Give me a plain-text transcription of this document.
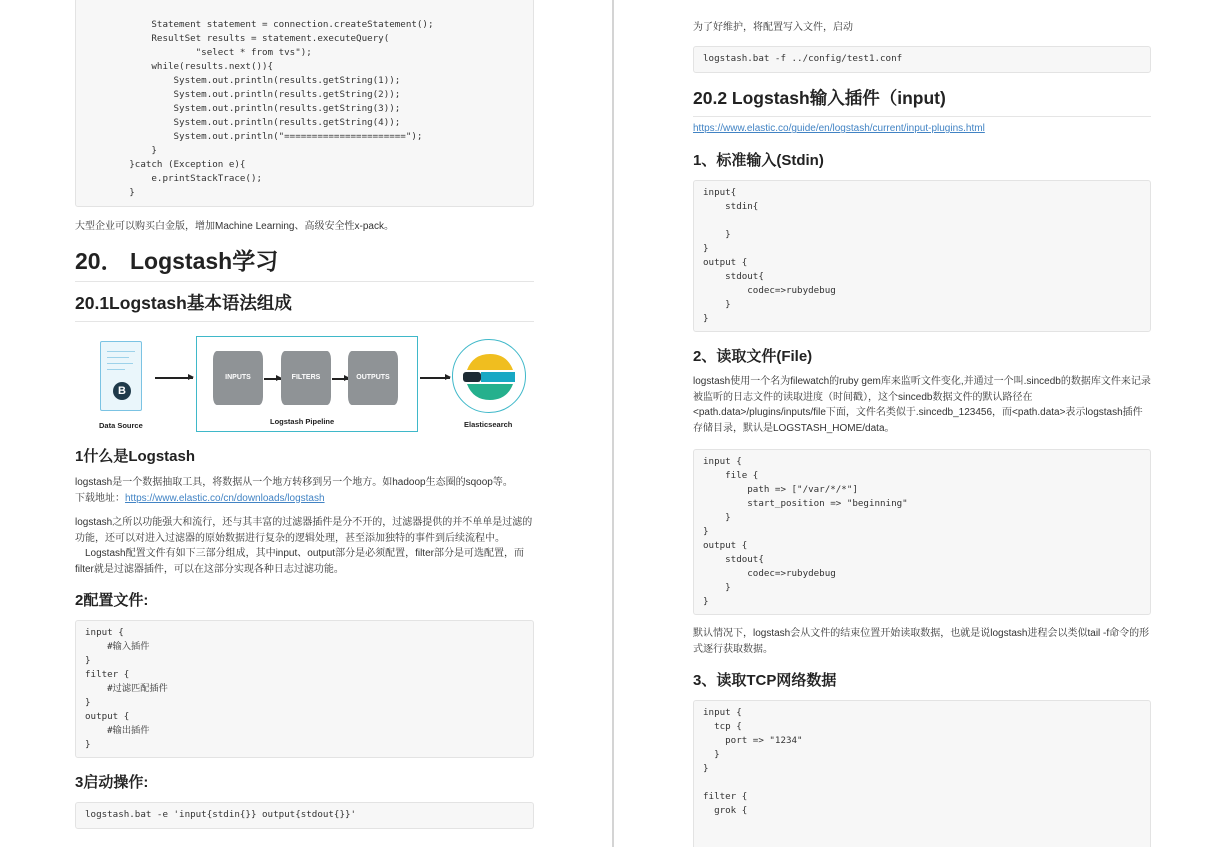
Statement statement = connection.createStatement();
ResultSet results = statement.executeQuery(
"select * from tvs");
while(results.next()){
System.out.println(results.getString(1));
System.out.println(results.getString(2));
System.out.println(results.getString(3));
System.out.println(results.getString(4));
System.out.println("======================");
}
}catch (Exception e){
e.printStackTrace();
}
大型企业可以购买白金版，增加Machine Learning、高级安全性x-pack。
20． Logstash学习
20.1Logstash基本语法组成
B
Data Source
INPUTS	FILTERS	OUTPUTS
Logstash Pipeline	Elasticsearch
1什么是Logstash
logstash是一个数据抽取工具，将数据从一个地方转移到另一个地方。如hadoop生态圈的sqoop等。
下载地址：https://www.elastic.co/cn/downloads/logstash
logstash之所以功能强大和流行，还与其丰富的过滤器插件是分不开的，过滤器提供的并不单单是过滤的功能，还可以对进入过滤器的原始数据进行复杂的逻辑处理，甚至添加独特的事件到后续流程中。
　Logstash配置文件有如下三部分组成，其中input、output部分是必须配置，filter部分是可选配置，而filter就是过滤器插件，可以在这部分实现各种日志过滤功能。
2配置文件:
input {
#输入插件
}
filter {
#过滤匹配插件
}
output {
#输出插件
}
3启动操作:
logstash.bat -e 'input{stdin{}} output{stdout{}}'
为了好维护，将配置写入文件，启动
logstash.bat -f ../config/test1.conf
20.2 Logstash输入插件（input)
https://www.elastic.co/guide/en/logstash/current/input-plugins.html
1、标准输入(Stdin)
input{
stdin{

}
}
output {
stdout{
codec=>rubydebug
}
}
2、读取文件(File)
logstash使用一个名为filewatch的ruby gem库来监听文件变化,并通过一个叫.sincedb的数据库文件来记录被监听的日志文件的读取进度（时间戳），这个sincedb数据文件的默认路径在<path.data>/plugins/inputs/file下面，文件名类似于.sincedb_123456，而<path.data>表示logstash插件存储目录，默认是LOGSTASH_HOME/data。
input {
file {
path => ["/var/*/*"]
start_position => "beginning"
}
}
output {
stdout{
codec=>rubydebug
}
}
默认情况下，logstash会从文件的结束位置开始读取数据，也就是说logstash进程会以类似tail -f命令的形式逐行获取数据。
3、读取TCP网络数据
input {
tcp {
port => "1234"
}
}

filter {
grok {
